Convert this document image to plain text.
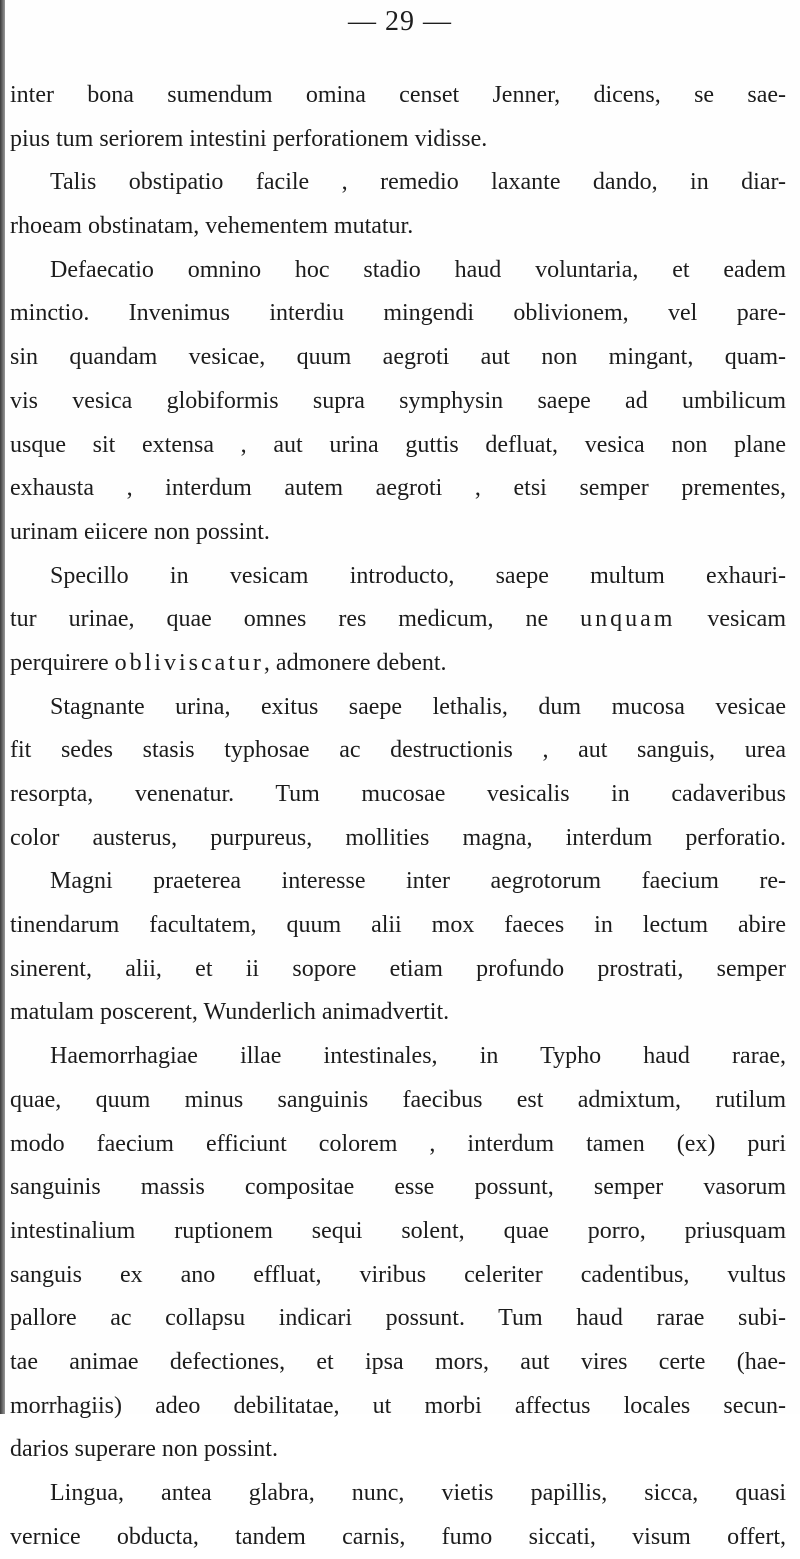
— 29 —
inter bona sumendum omina censet Jenner, dicens, se sae-
pius tum seriorem intestini perforationem vidisse.
Talis obstipatio facile , remedio laxante dando, in diar-
rhoeam obstinatam, vehementem mutatur.
Defaecatio omnino hoc stadio haud voluntaria, et eadem
minctio. Invenimus interdiu mingendi oblivionem, vel pare-
sin quandam vesicae, quum aegroti aut non mingant, quam-
vis vesica globiformis supra symphysin saepe ad umbilicum
usque sit extensa , aut urina guttis defluat, vesica non plane
exhausta , interdum autem aegroti , etsi semper prementes,
urinam eiicere non possint.
Specillo in vesicam introducto, saepe multum exhauri-
tur urinae, quae omnes res medicum, ne unquam vesicam
perquirere obliviscatur, admonere debent.
Stagnante urina, exitus saepe lethalis, dum mucosa vesicae
fit sedes stasis typhosae ac destructionis , aut sanguis, urea
resorpta, venenatur. Tum mucosae vesicalis in cadaveribus
color austerus, purpureus, mollities magna, interdum perforatio.
Magni praeterea interesse inter aegrotorum faecium re-
tinendarum facultatem, quum alii mox faeces in lectum abire
sinerent, alii, et ii sopore etiam profundo prostrati, semper
matulam poscerent, Wunderlich animadvertit.
Haemorrhagiae illae intestinales, in Typho haud rarae,
quae, quum minus sanguinis faecibus est admixtum, rutilum
modo faecium efficiunt colorem , interdum tamen (ex) puri
sanguinis massis compositae esse possunt, semper vasorum
intestinalium ruptionem sequi solent, quae porro, priusquam
sanguis ex ano effluat, viribus celeriter cadentibus, vultus
pallore ac collapsu indicari possunt. Tum haud rarae subi-
tae animae defectiones, et ipsa mors, aut vires certe (hae-
morrhagiis) adeo debilitatae, ut morbi affectus locales secun-
darios superare non possint.
Lingua, antea glabra, nunc, vietis papillis, sicca, quasi
vernice obducta, tandem carnis, fumo siccati, visum offert,
